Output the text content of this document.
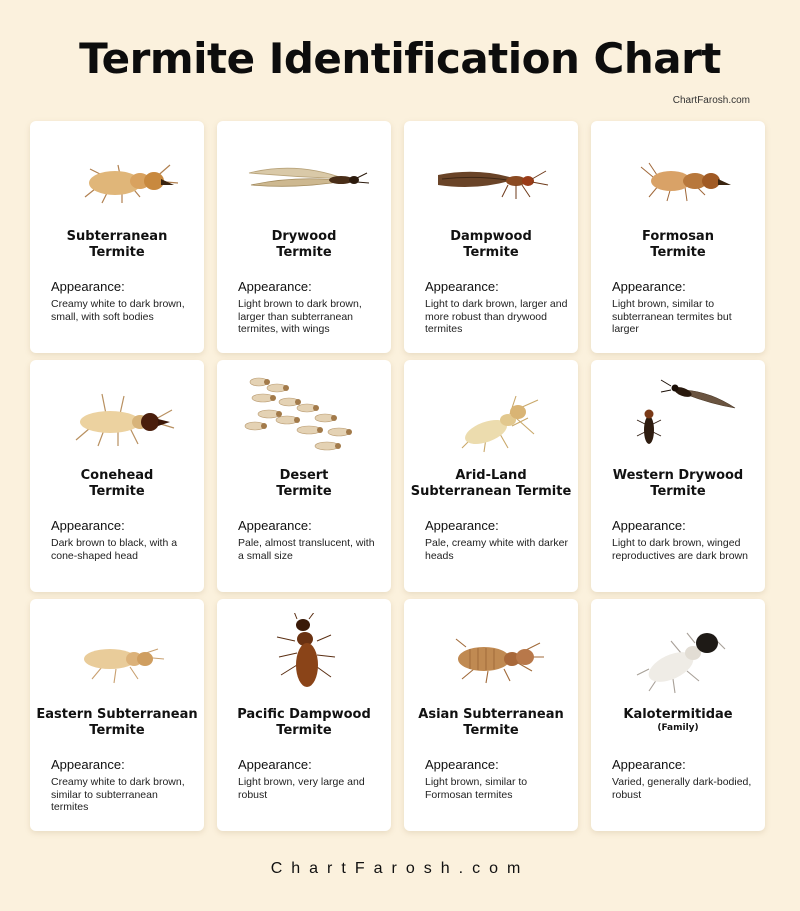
Termite Identification Chart
ChartFarosh.com
Subterranean
Termite
Appearance:
Creamy white to dark brown, small, with soft bodies
Drywood
Termite
Appearance:
Light brown to dark brown, larger than subterranean termites, with wings
Dampwood
Termite
Appearance:
Light to dark brown, larger and more robust than drywood termites
Formosan
Termite
Appearance:
Light brown, similar to subterranean termites but larger
Conehead
Termite
Appearance:
Dark brown to black, with a cone-shaped head
Desert
Termite
Appearance:
Pale, almost translucent, with a small size
Arid-Land
Subterranean Termite
Appearance:
Pale, creamy white with darker heads
Western Drywood
Termite
Appearance:
Light to dark brown, winged reproductives are dark brown
Eastern Subterranean
Termite
Appearance:
Creamy white to dark brown, similar to subterranean termites
Pacific Dampwood
Termite
Appearance:
Light brown, very large and robust
Asian Subterranean
Termite
Appearance:
Light brown, similar to Formosan termites
Kalotermitidae
(Family)
Appearance:
Varied, generally dark-bodied, robust
ChartFarosh.com
